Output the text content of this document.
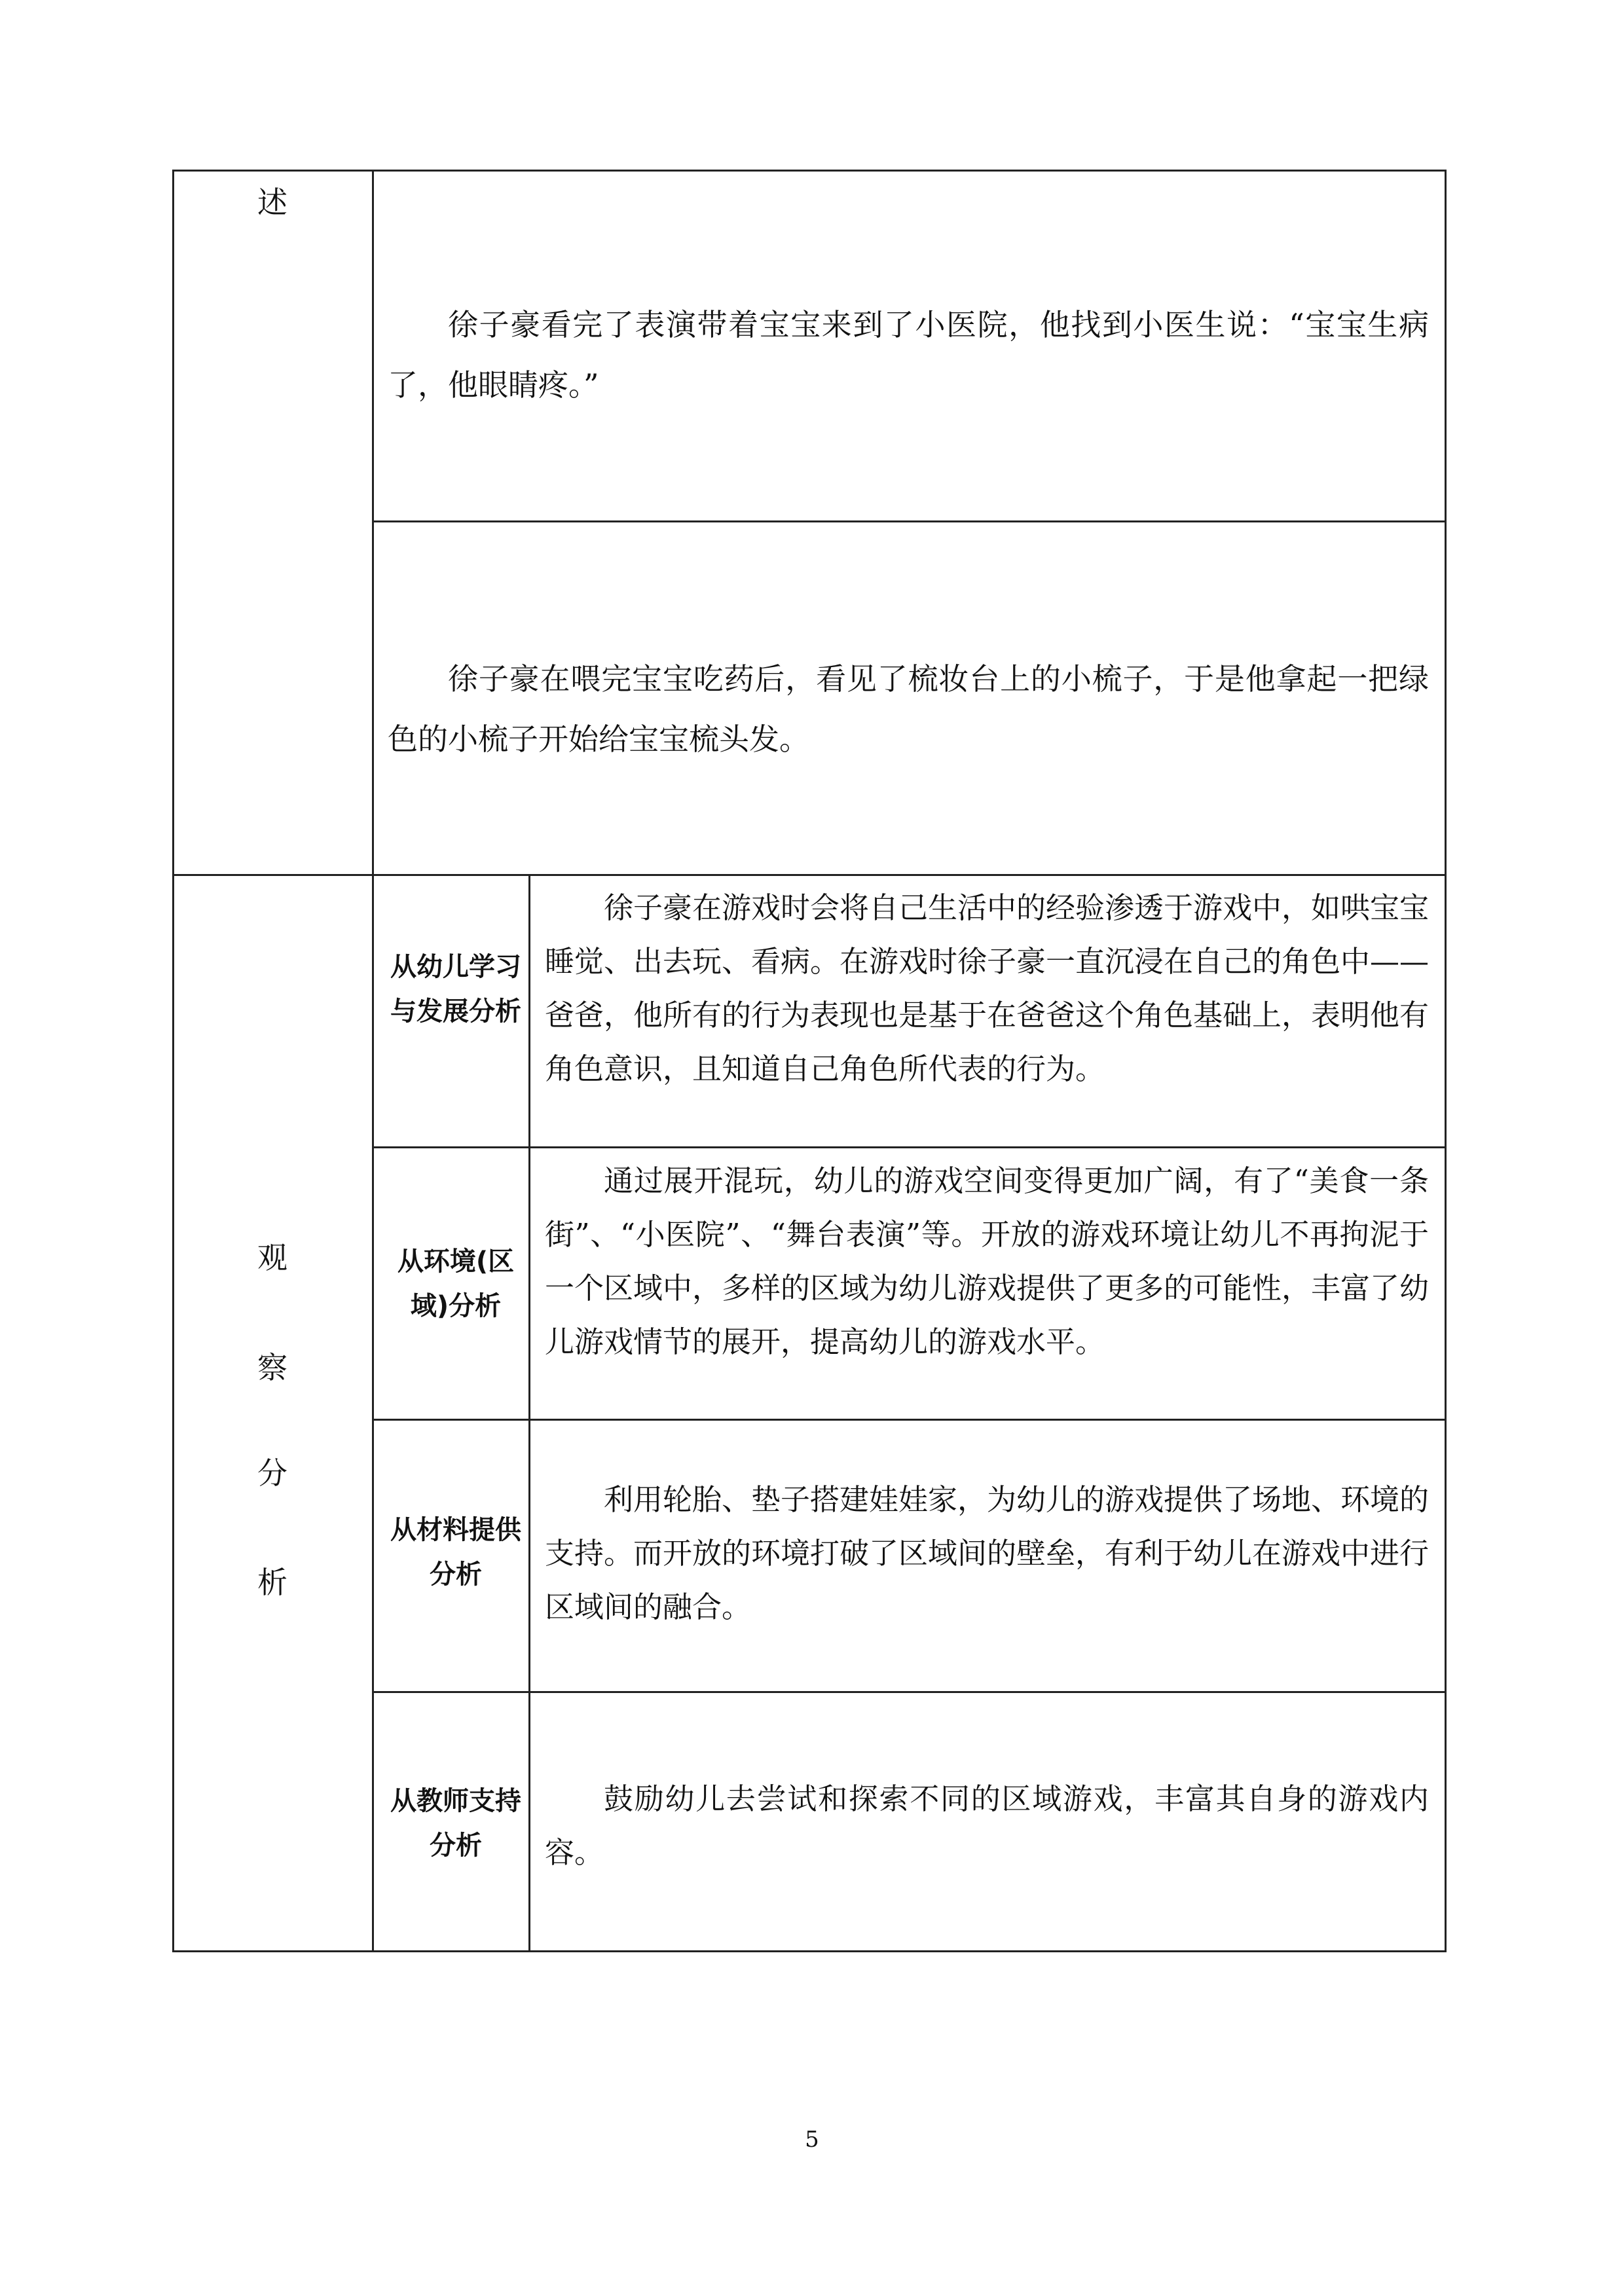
述
徐子豪看完了表演带着宝宝来到了小医院，他找到小医生说：“宝宝生病了，他眼睛疼。”
徐子豪在喂完宝宝吃药后，看见了梳妆台上的小梳子，于是他拿起一把绿色的小梳子开始给宝宝梳头发。
观
察
分
析
从幼儿学习与发展分析
从环境(区域)分析
从材料提供分析
从教师支持分析
徐子豪在游戏时会将自己生活中的经验渗透于游戏中，如哄宝宝睡觉、出去玩、看病。在游戏时徐子豪一直沉浸在自己的角色中——爸爸，他所有的行为表现也是基于在爸爸这个角色基础上，表明他有角色意识，且知道自己角色所代表的行为。
通过展开混玩，幼儿的游戏空间变得更加广阔，有了“美食一条街”、“小医院”、“舞台表演”等。开放的游戏环境让幼儿不再拘泥于一个区域中，多样的区域为幼儿游戏提供了更多的可能性，丰富了幼儿游戏情节的展开，提高幼儿的游戏水平。
利用轮胎、垫子搭建娃娃家，为幼儿的游戏提供了场地、环境的支持。而开放的环境打破了区域间的壁垒，有利于幼儿在游戏中进行区域间的融合。
鼓励幼儿去尝试和探索不同的区域游戏，丰富其自身的游戏内容。
5
